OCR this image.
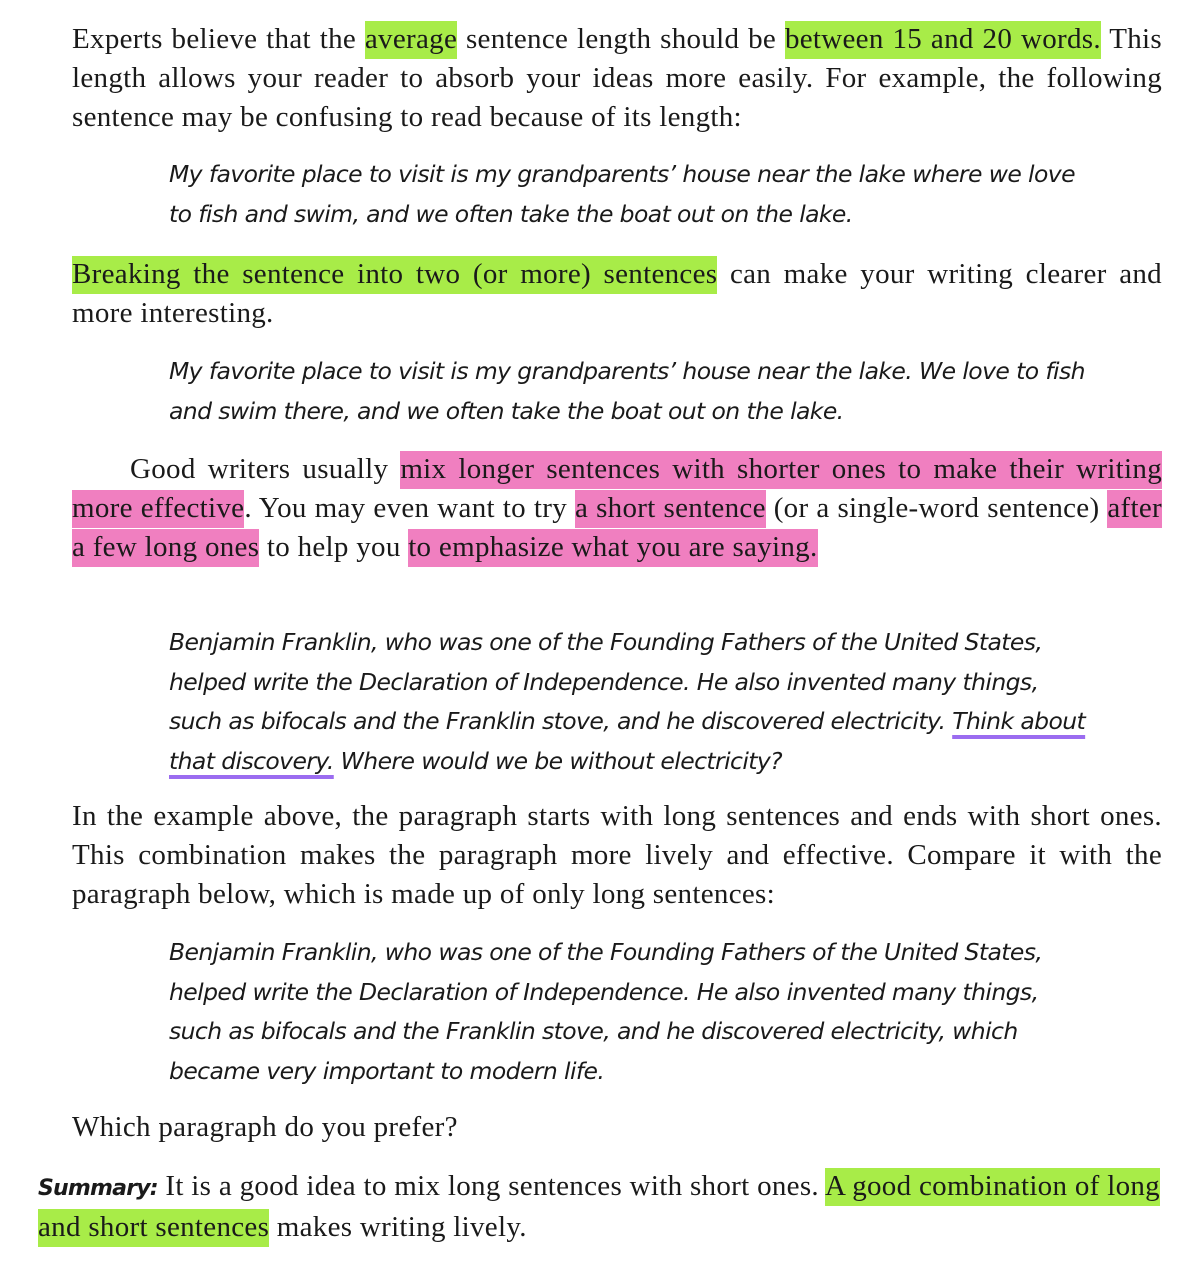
Experts believe that the average sentence length should be between 15 and 20 words. This length allows your reader to absorb your ideas more easily. For example, the following sentence may be confusing to read because of its length:

My favorite place to visit is my grandparents’ house near the lake where we love
to fish and swim, and we often take the boat out on the lake.

Breaking the sentence into two (or more) sentences can make your writing clearer and more interesting.

My favorite place to visit is my grandparents’ house near the lake. We love to fish
and swim there, and we often take the boat out on the lake.

Good writers usually mix longer sentences with shorter ones to make their writing more effective. You may even want to try a short sentence (or a single-word sentence) after a few long ones to help you to emphasize what you are saying.

Benjamin Franklin, who was one of the Founding Fathers of the United States,
helped write the Declaration of Independence. He also invented many things,
such as bifocals and the Franklin stove, and he discovered electricity. Think about
that discovery. Where would we be without electricity?

In the example above, the paragraph starts with long sentences and ends with short ones. This combination makes the paragraph more lively and effective. Compare it with the paragraph below, which is made up of only long sentences:

Benjamin Franklin, who was one of the Founding Fathers of the United States,
helped write the Declaration of Independence. He also invented many things,
such as bifocals and the Franklin stove, and he discovered electricity, which
became very important to modern life.

Which paragraph do you prefer?

Summary: It is a good idea to mix long sentences with short ones. A good combination of long and short sentences makes writing lively.
